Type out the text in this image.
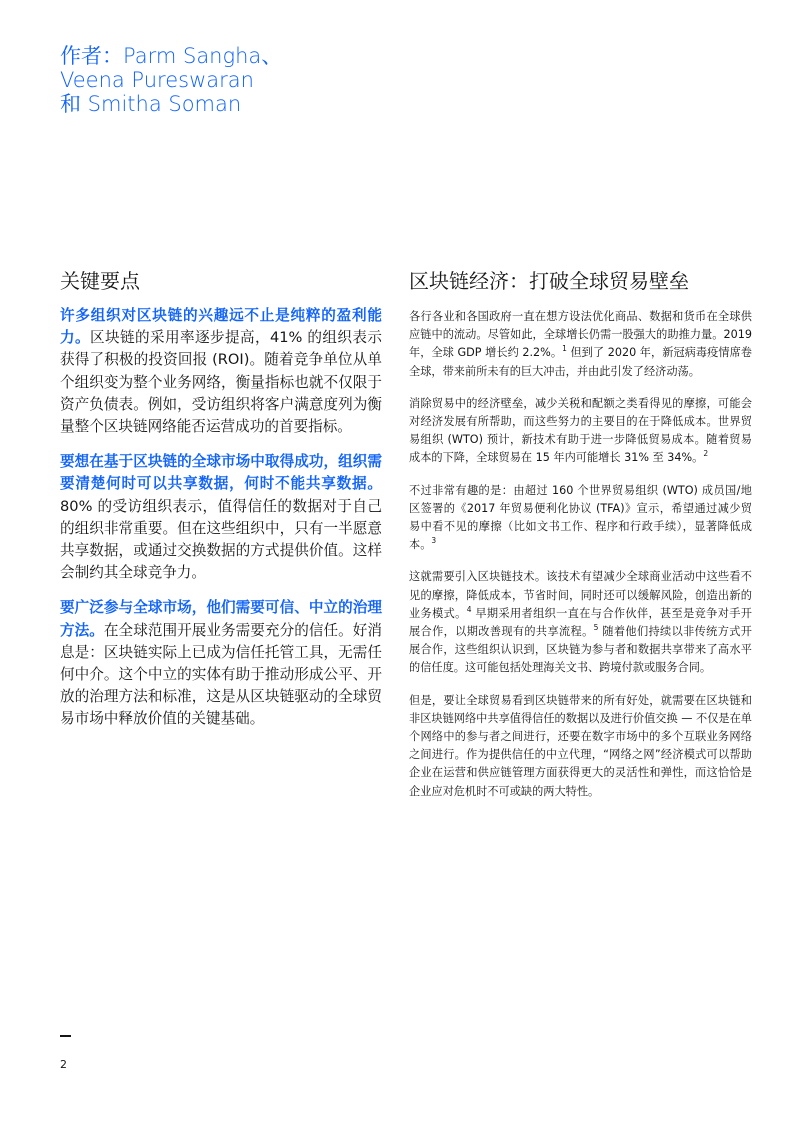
作者：Parm Sangha、
Veena Pureswaran
和 Smitha Soman
关键要点

许多组织对区块链的兴趣远不止是纯粹的盈利能力。区块链的采用率逐步提高，41% 的组织表示获得了积极的投资回报 (ROI)。随着竞争单位从单个组织变为整个业务网络，衡量指标也就不仅限于资产负债表。例如，受访组织将客户满意度列为衡量整个区块链网络能否运营成功的首要指标。

要想在基于区块链的全球市场中取得成功，组织需要清楚何时可以共享数据，何时不能共享数据。80% 的受访组织表示，值得信任的数据对于自己的组织非常重要。但在这些组织中，只有一半愿意共享数据，或通过交换数据的方式提供价值。这样会制约其全球竞争力。

要广泛参与全球市场，他们需要可信、中立的治理方法。在全球范围开展业务需要充分的信任。好消息是：区块链实际上已成为信任托管工具，无需任何中介。这个中立的实体有助于推动形成公平、开放的治理方法和标准，这是从区块链驱动的全球贸易市场中释放价值的关键基础。

区块链经济：打破全球贸易壁垒

各行各业和各国政府一直在想方设法优化商品、数据和货币在全球供应链中的流动。尽管如此，全球增长仍需一股强大的助推力量。2019 年，全球 GDP 增长约 2.2%。$^1$ 但到了 2020 年，新冠病毒疫情席卷全球，带来前所未有的巨大冲击，并由此引发了经济动荡。

消除贸易中的经济壁垒，减少关税和配额之类看得见的摩擦，可能会对经济发展有所帮助，而这些努力的主要目的在于降低成本。世界贸易组织 (WTO) 预计，新技术有助于进一步降低贸易成本。随着贸易成本的下降，全球贸易在 15 年内可能增长 31% 至 34%。$^2$

不过非常有趣的是：由超过 160 个世界贸易组织 (WTO) 成员国/地区签署的《2017 年贸易便利化协议 (TFA)》宣示，希望通过减少贸易中看不见的摩擦（比如文书工作、程序和行政手续），显著降低成本。$^3$

这就需要引入区块链技术。该技术有望减少全球商业活动中这些看不见的摩擦，降低成本，节省时间，同时还可以缓解风险，创造出新的业务模式。$^4$ 早期采用者组织一直在与合作伙伴，甚至是竞争对手开展合作，以期改善现有的共享流程。$^5$ 随着他们持续以非传统方式开展合作，这些组织认识到，区块链为参与者和数据共享带来了高水平的信任度。这可能包括处理海关文书、跨境付款或服务合同。

但是，要让全球贸易看到区块链带来的所有好处，就需要在区块链和非区块链网络中共享值得信任的数据以及进行价值交换 — 不仅是在单个网络中的参与者之间进行，还要在数字市场中的多个互联业务网络之间进行。作为提供信任的中立代理，“网络之网”经济模式可以帮助企业在运营和供应链管理方面获得更大的灵活性和弹性，而这恰恰是企业应对危机时不可或缺的两大特性。

2
